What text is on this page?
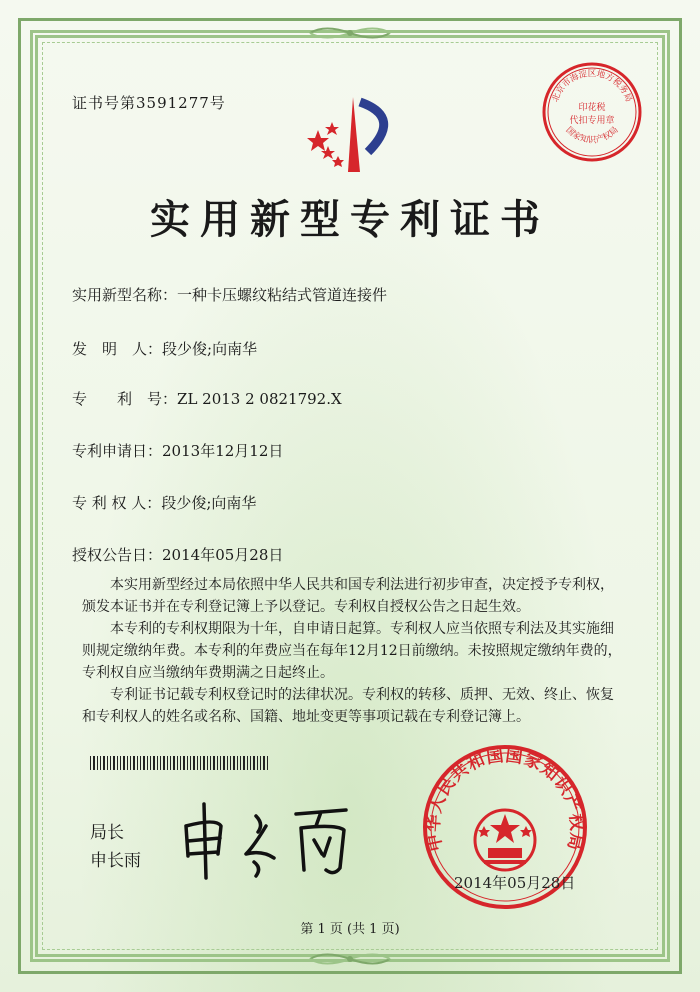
证书号第3591277号	北京市海淀区地方税务局
印花税
代扣专用章
国家知识产权局
实用新型专利证书
实用新型名称：一种卡压螺纹粘结式管道连接件
发　明　人：段少俊;向南华
专　　利　号：ZL 2013 2 0821792.X
专利申请日：2013年12月12日
专 利 权 人：段少俊;向南华
授权公告日：2014年05月28日
本实用新型经过本局依照中华人民共和国专利法进行初步审查，决定授予专利权，颁发本证书并在专利登记簿上予以登记。专利权自授权公告之日起生效。
本专利的专利权期限为十年，自申请日起算。专利权人应当依照专利法及其实施细则规定缴纳年费。本专利的年费应当在每年12月12日前缴纳。未按照规定缴纳年费的，专利权自应当缴纳年费期满之日起终止。
专利证书记载专利权登记时的法律状况。专利权的转移、质押、无效、终止、恢复和专利权人的姓名或名称、国籍、地址变更等事项记载在专利登记簿上。
局长
申长雨
中华人民共和国国家知识产权局
2014年05月28日
第 1 页 (共 1 页)
